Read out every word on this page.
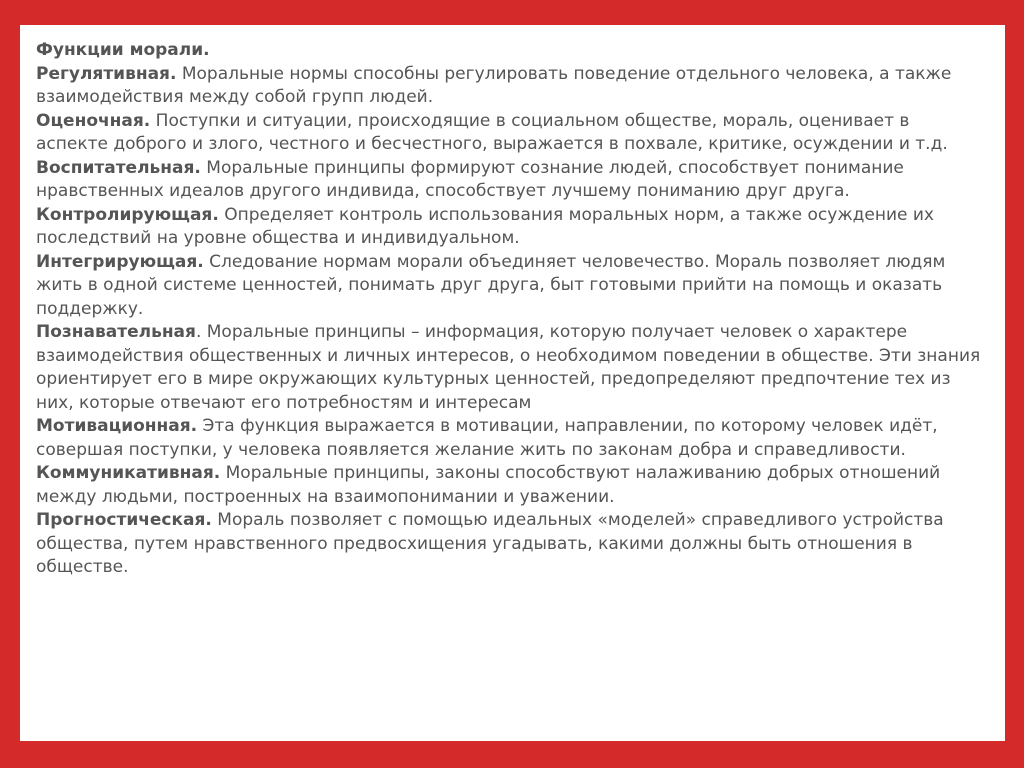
Функции морали.

Регулятивная. Моральные нормы способны регулировать поведение отдельного человека, а также взаимодействия между собой групп людей.

Оценочная. Поступки и ситуации, происходящие в социальном обществе, мораль, оценивает в аспекте доброго и злого, честного и бесчестного, выражается в похвале, критике, осуждении и т.д.

Воспитательная. Моральные принципы формируют сознание людей, способствует понимание нравственных идеалов другого индивида, способствует лучшему пониманию друг друга.

Контролирующая. Определяет контроль использования моральных норм, а также осуждение их последствий на уровне общества и индивидуальном.

Интегрирующая. Следование нормам морали объединяет человечество. Мораль позволяет людям жить в одной системе ценностей, понимать друг друга, быт готовыми прийти на помощь и оказать поддержку.

Познавательная. Моральные принципы – информация, которую получает человек о характере взаимодействия общественных и личных интересов, о необходимом поведении в обществе. Эти знания ориентирует его в мире окружающих культурных ценностей, предопределяют предпочтение тех из них, которые отвечают его потребностям и интересам

Мотивационная. Эта функция выражается в мотивации, направлении, по которому человек идёт, совершая поступки, у человека появляется желание жить по законам добра и справедливости.

Коммуникативная. Моральные принципы, законы способствуют налаживанию добрых отношений между людьми, построенных на взаимопонимании и уважении.

Прогностическая. Мораль позволяет с помощью идеальных «моделей» справедливого устройства общества, путем нравственного предвосхищения угадывать, какими должны быть отношения в обществе.
